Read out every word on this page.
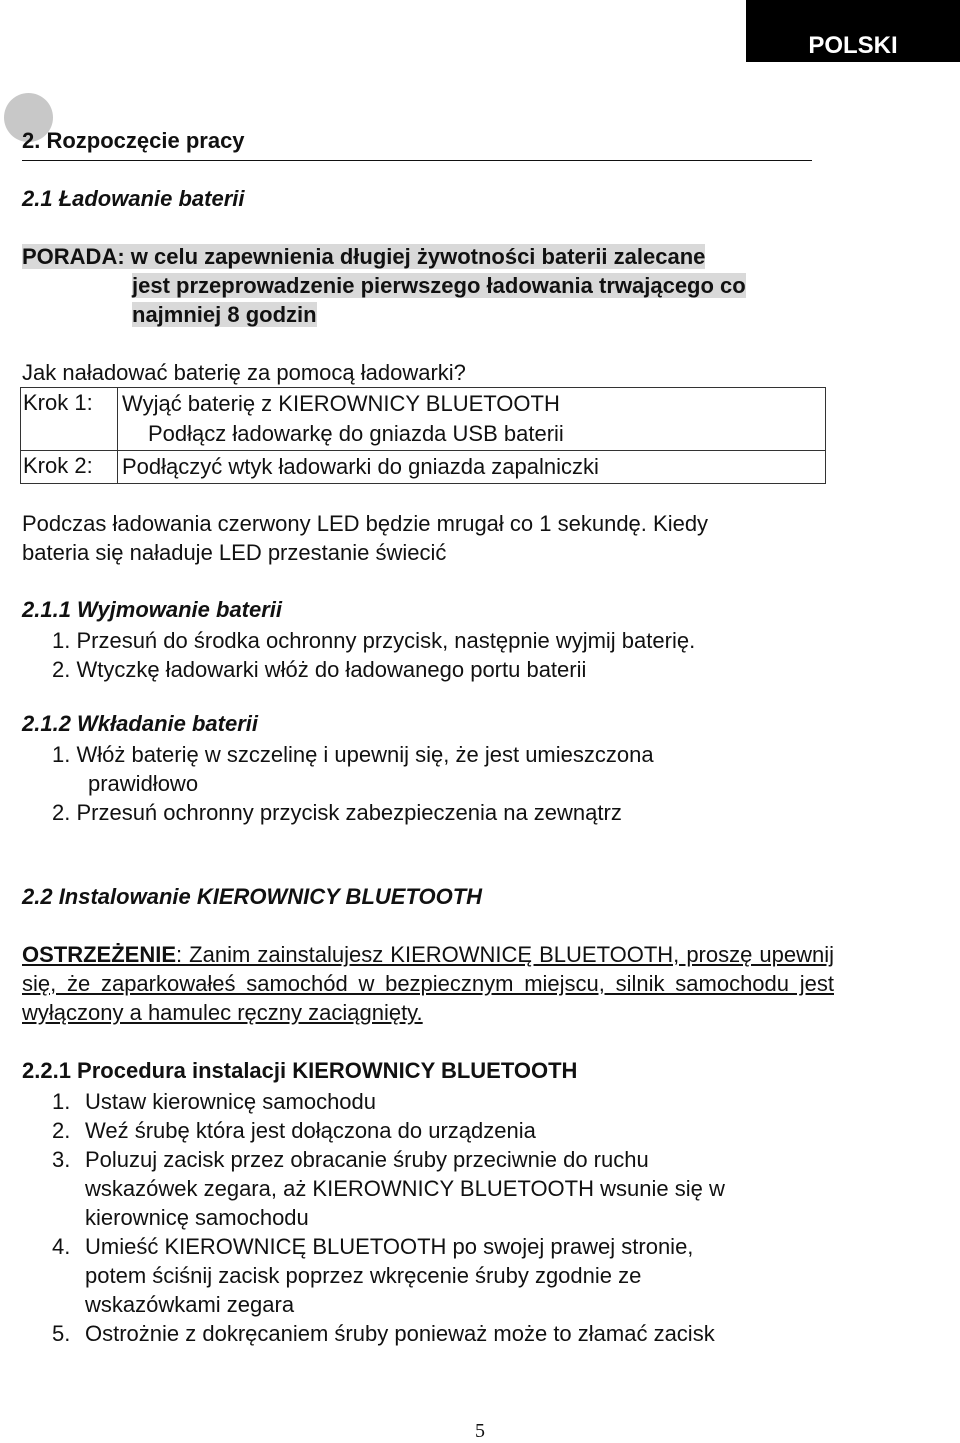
POLSKI
2. Rozpoczęcie pracy
2.1 Ładowanie baterii
PORADA: w celu zapewnienia długiej żywotności baterii zalecane
jest przeprowadzenie pierwszego ładowania trwającego co
najmniej 8 godzin
Jak naładować baterię za pomocą ładowarki?
Krok 1:	Wyjąć baterię z KIEROWNICY BLUETOOTH
Podłącz ładowarkę do gniazda USB baterii

Krok 2:	Podłączyć wtyk ładowarki do gniazda zapalniczki
Podczas ładowania czerwony LED będzie mrugał co 1 sekundę. Kiedy
bateria się naładuje LED przestanie świecić
2.1.1 Wyjmowanie baterii
1. Przesuń do środka ochronny przycisk, następnie wyjmij baterię.
2. Wtyczkę ładowarki włóż do ładowanego portu baterii
2.1.2 Wkładanie baterii
1. Włóż baterię w szczelinę i upewnij się, że jest umieszczona
prawidłowo
2. Przesuń ochronny przycisk zabezpieczenia na zewnątrz
2.2 Instalowanie KIEROWNICY BLUETOOTH
OSTRZEŻENIE: Zanim zainstalujesz KIEROWNICĘ BLUETOOTH, proszę upewnij się, że zaparkowałeś samochód w bezpiecznym miejscu, silnik samochodu jest wyłączony a hamulec ręczny zaciągnięty.
2.2.1 Procedura instalacji KIEROWNICY BLUETOOTH
1. Ustaw kierownicę samochodu
2. Weź śrubę która jest dołączona do urządzenia
3. Poluzuj zacisk przez obracanie śruby przeciwnie do ruchu
wskazówek zegara, aż KIEROWNICY BLUETOOTH wsunie się w
kierownicę samochodu
4. Umieść KIEROWNICĘ BLUETOOTH po swojej prawej stronie,
potem ściśnij zacisk poprzez wkręcenie śruby zgodnie ze
wskazówkami zegara
5. Ostrożnie z dokręcaniem śruby ponieważ może to złamać zacisk
5
